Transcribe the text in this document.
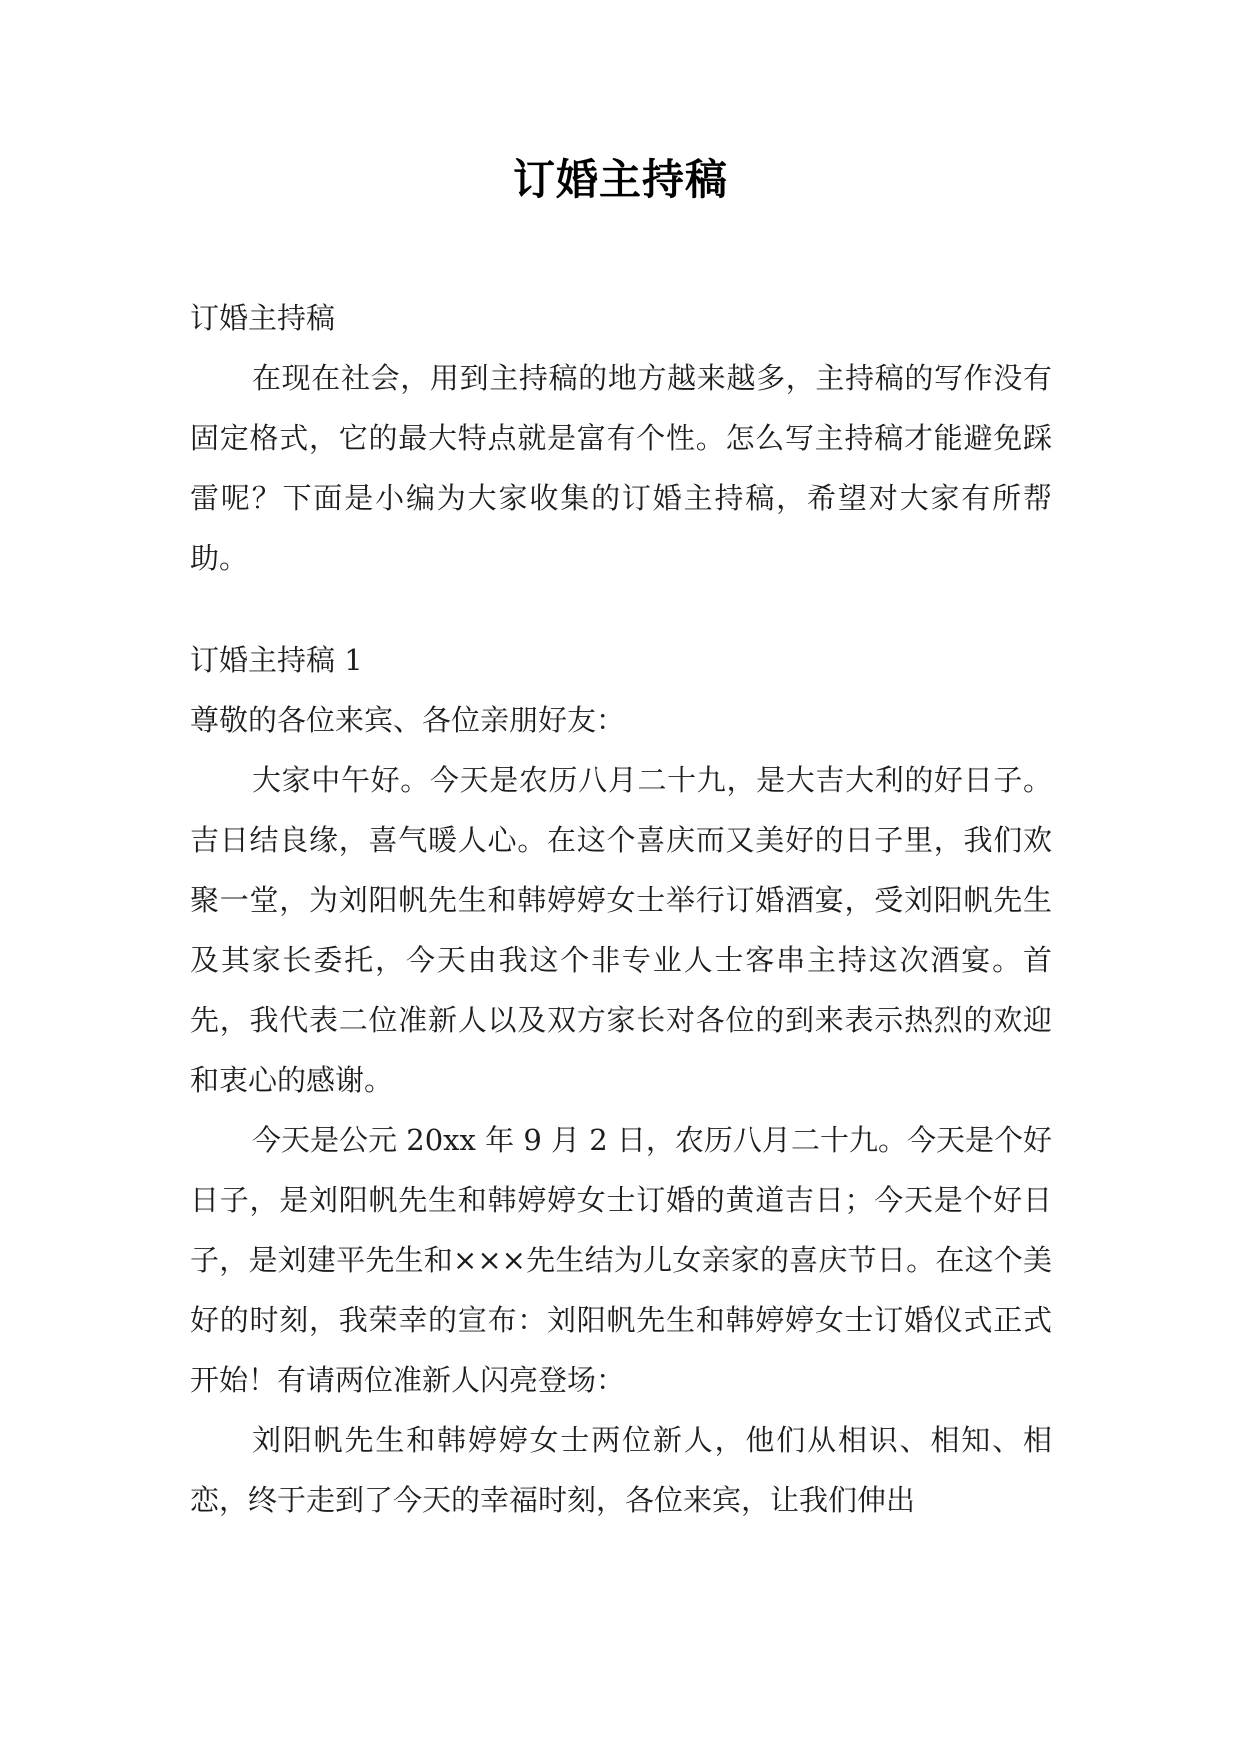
订婚主持稿

订婚主持稿

在现在社会，用到主持稿的地方越来越多，主持稿的写作没有固定格式，它的最大特点就是富有个性。怎么写主持稿才能避免踩雷呢？下面是小编为大家收集的订婚主持稿，希望对大家有所帮助。

订婚主持稿 1

尊敬的各位来宾、各位亲朋好友：

大家中午好。今天是农历八月二十九，是大吉大利的好日子。吉日结良缘，喜气暖人心。在这个喜庆而又美好的日子里，我们欢聚一堂，为刘阳帆先生和韩婷婷女士举行订婚酒宴，受刘阳帆先生及其家长委托，今天由我这个非专业人士客串主持这次酒宴。首先，我代表二位准新人以及双方家长对各位的到来表示热烈的欢迎和衷心的感谢。

今天是公元 20xx 年 9 月 2 日，农历八月二十九。今天是个好日子，是刘阳帆先生和韩婷婷女士订婚的黄道吉日；今天是个好日子，是刘建平先生和×××先生结为儿女亲家的喜庆节日。在这个美好的时刻，我荣幸的宣布：刘阳帆先生和韩婷婷女士订婚仪式正式开始！有请两位准新人闪亮登场：

刘阳帆先生和韩婷婷女士两位新人，他们从相识、相知、相恋，终于走到了今天的幸福时刻，各位来宾，让我们伸出
